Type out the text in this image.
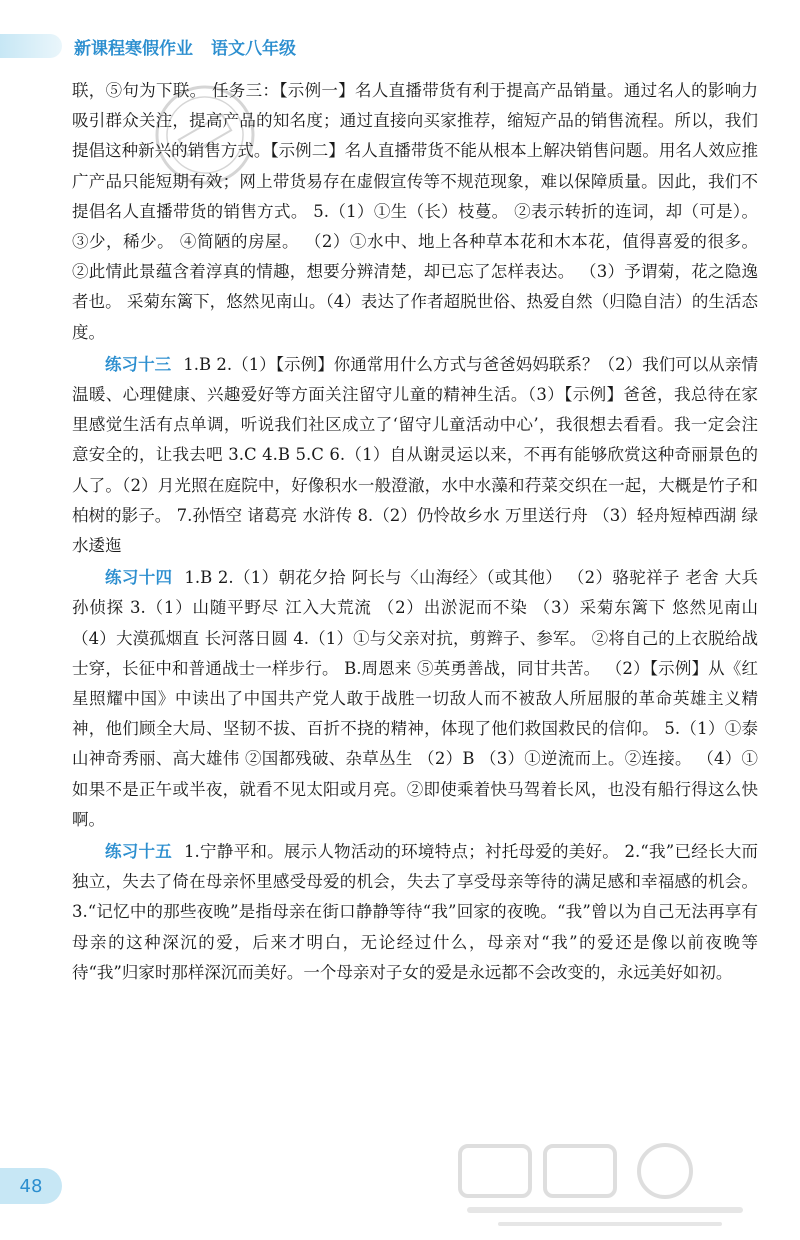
新课程寒假作业 语文八年级

联，⑤句为下联。 任务三：【示例一】名人直播带货有利于提高产品销量。通过名人的影响力吸引群众关注，提高产品的知名度；通过直接向买家推荐，缩短产品的销售流程。所以，我们提倡这种新兴的销售方式。【示例二】名人直播带货不能从根本上解决销售问题。用名人效应推广产品只能短期有效；网上带货易存在虚假宣传等不规范现象，难以保障质量。因此，我们不提倡名人直播带货的销售方式。 5.（1）①生（长）枝蔓。 ②表示转折的连词，却（可是）。 ③少，稀少。 ④简陋的房屋。 （2）①水中、地上各种草本花和木本花，值得喜爱的很多。 ②此情此景蕴含着淳真的情趣，想要分辨清楚，却已忘了怎样表达。 （3）予谓菊，花之隐逸者也。 采菊东篱下，悠然见南山。（4）表达了作者超脱世俗、热爱自然（归隐自洁）的生活态度。

练习十三 1.B 2.（1）【示例】你通常用什么方式与爸爸妈妈联系？（2）我们可以从亲情温暖、心理健康、兴趣爱好等方面关注留守儿童的精神生活。（3）【示例】爸爸，我总待在家里感觉生活有点单调，听说我们社区成立了‘留守儿童活动中心’，我很想去看看。我一定会注意安全的，让我去吧 3.C 4.B 5.C 6.（1）自从谢灵运以来，不再有能够欣赏这种奇丽景色的人了。（2）月光照在庭院中，好像积水一般澄澈，水中水藻和荇菜交织在一起，大概是竹子和柏树的影子。 7.孙悟空 诸葛亮 水浒传 8.（2）仍怜故乡水 万里送行舟 （3）轻舟短棹西湖 绿水逶迤

练习十四 1.B 2.（1）朝花夕拾 阿长与〈山海经〉（或其他） （2）骆驼祥子 老舍 大兵 孙侦探 3.（1）山随平野尽 江入大荒流 （2）出淤泥而不染 （3）采菊东篱下 悠然见南山 （4）大漠孤烟直 长河落日圆 4.（1）①与父亲对抗，剪辫子、参军。 ②将自己的上衣脱给战士穿，长征中和普通战士一样步行。 B.周恩来 ⑤英勇善战，同甘共苦。 （2）【示例】从《红星照耀中国》中读出了中国共产党人敢于战胜一切敌人而不被敌人所屈服的革命英雄主义精神，他们顾全大局、坚韧不拔、百折不挠的精神，体现了他们救国救民的信仰。 5.（1）①泰山神奇秀丽、高大雄伟 ②国都残破、杂草丛生 （2）B （3）①逆流而上。②连接。 （4）①如果不是正午或半夜，就看不见太阳或月亮。②即使乘着快马驾着长风，也没有船行得这么快啊。

练习十五 1.宁静平和。展示人物活动的环境特点；衬托母爱的美好。 2.“我”已经长大而独立，失去了倚在母亲怀里感受母爱的机会，失去了享受母亲等待的满足感和幸福感的机会。 3.“记忆中的那些夜晚”是指母亲在街口静静等待“我”回家的夜晚。“我”曾以为自己无法再享有母亲的这种深沉的爱，后来才明白，无论经过什么，母亲对“我”的爱还是像以前夜晚等待“我”归家时那样深沉而美好。一个母亲对子女的爱是永远都不会改变的，永远美好如初。

48
